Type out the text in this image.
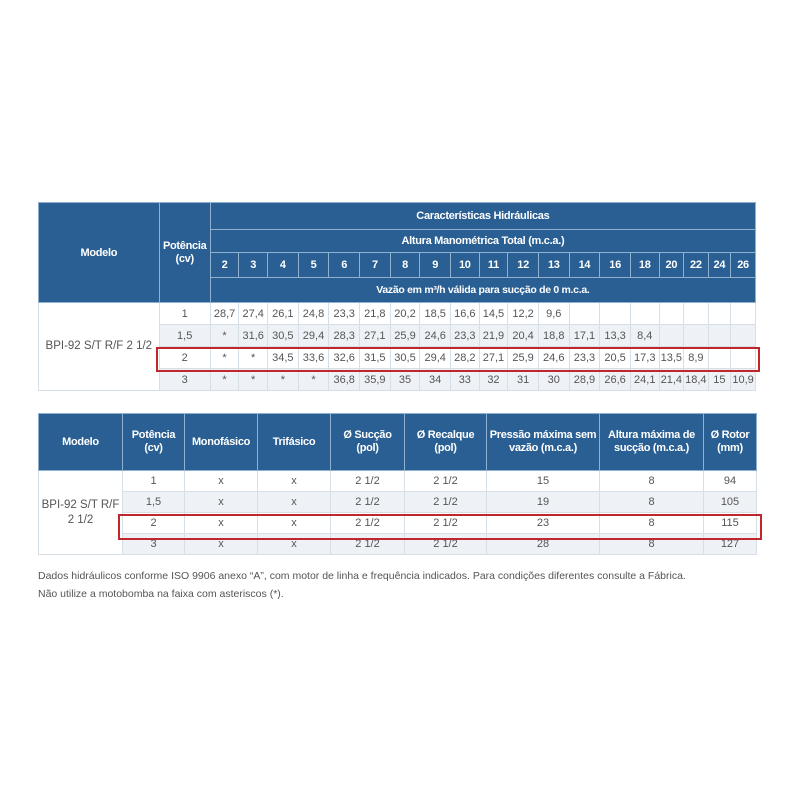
Modelo	Potência (cv)	Características Hidráulicas																		
		Altura Manométrica Total (m.c.a.)																		
		2	3	4	5	6	7	8	9	10	11	12	13	14	16	18	20	22	24	26
		Vazão em m³/h válida para sucção de 0 m.c.a.																		
BPI-92 S/T R/F 2 1/2	1	28,7	27,4	26,1	24,8	23,3	21,8	20,2	18,5	16,6	14,5	12,2	9,6							
	1,5	*	31,6	30,5	29,4	28,3	27,1	25,9	24,6	23,3	21,9	20,4	18,8	17,1	13,3	8,4				
	2	*	*	34,5	33,6	32,6	31,5	30,5	29,4	28,2	27,1	25,9	24,6	23,3	20,5	17,3	13,5	8,9		
	3	*	*	*	*	36,8	35,9	35	34	33	32	31	30	28,9	26,6	24,1	21,4	18,4	15	10,9
Modelo	Potência (cv)	Monofásico	Trifásico	Ø Sucção (pol)	Ø Recalque (pol)	Pressão máxima sem vazão (m.c.a.)	Altura máxima de sucção (m.c.a.)	Ø Rotor (mm)
BPI-92 S/T R/F 2 1/2	1	x	x	2 1/2	2 1/2	15	8	94
	1,5	x	x	2 1/2	2 1/2	19	8	105
	2	x	x	2 1/2	2 1/2	23	8	115
	3	x	x	2 1/2	2 1/2	28	8	127

Dados hidráulicos conforme ISO 9906 anexo “A”, com motor de linha e frequência indicados. Para condições diferentes consulte a Fábrica.

Não utilize a motobomba na faixa com asteriscos (*).
